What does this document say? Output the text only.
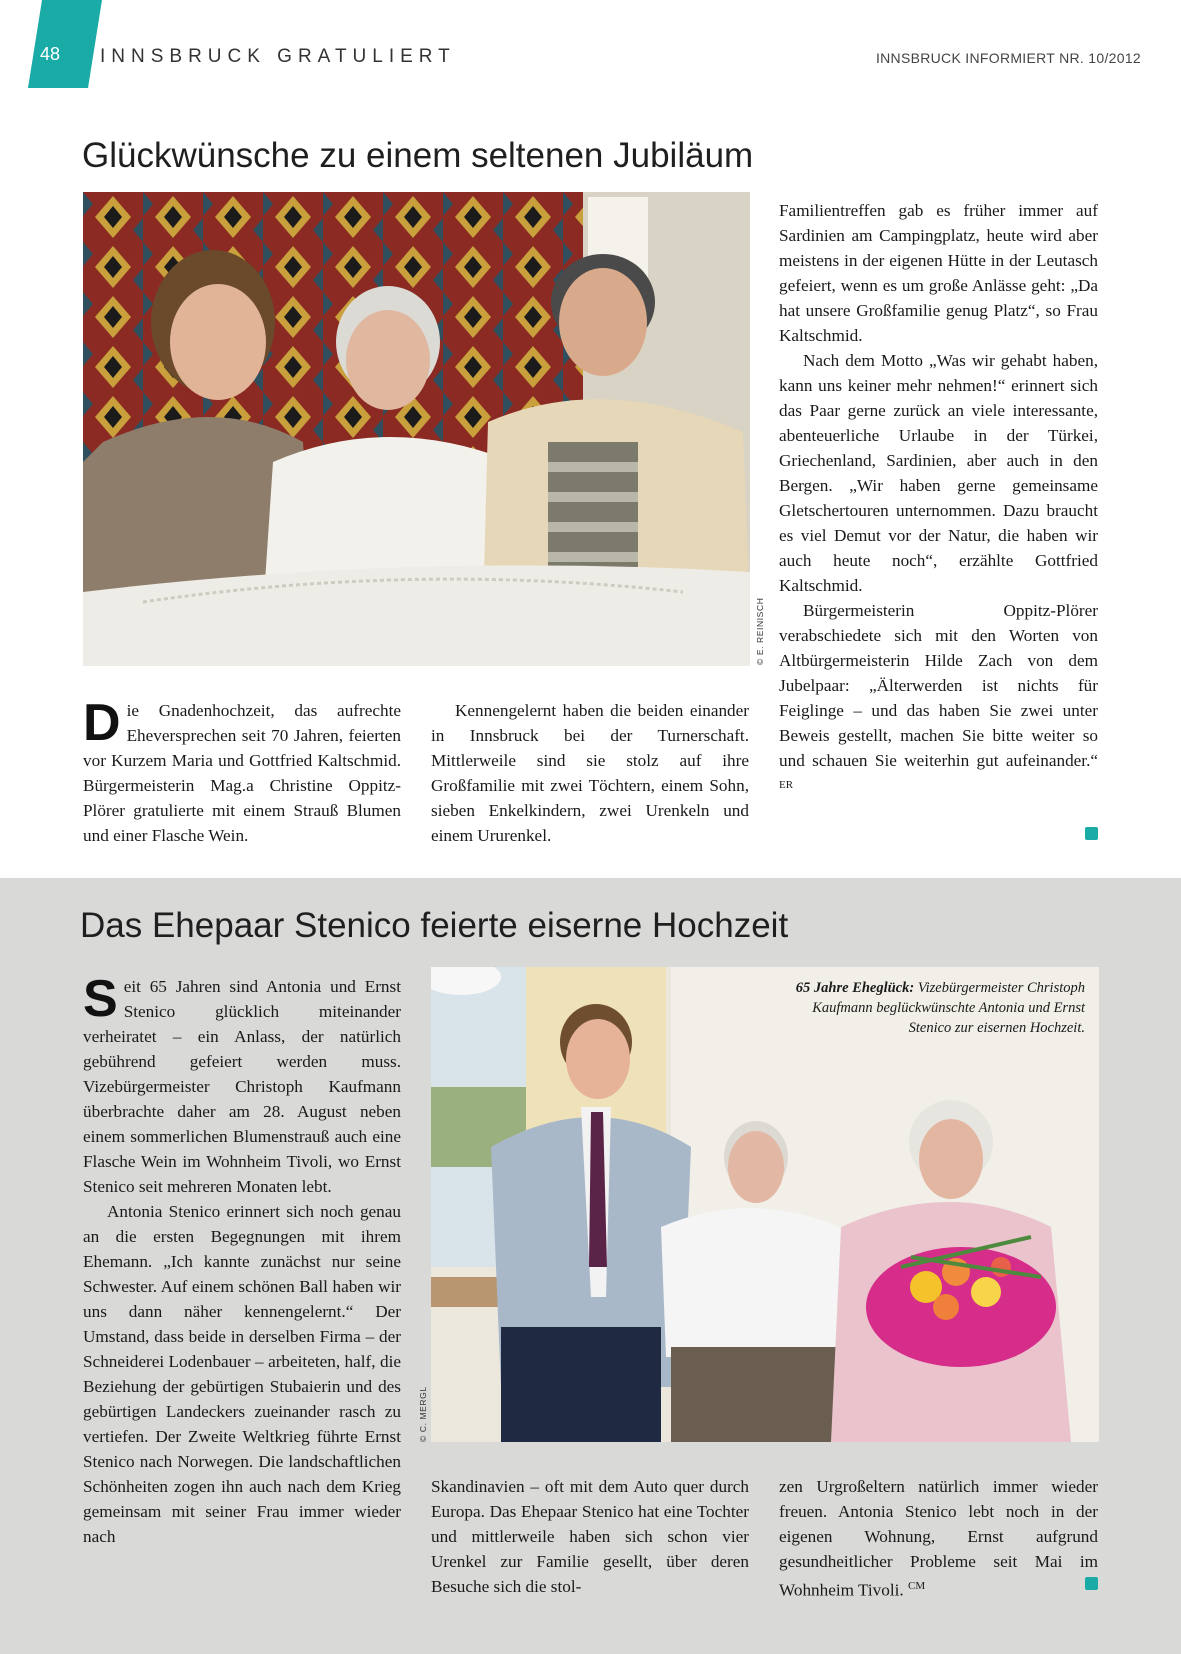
48 INNSBRUCK GRATULIERT	INNSBRUCK INFORMIERT NR. 10/2012
Glückwünsche zu einem seltenen Jubiläum
© E. REINISCH

Die Gnadenhochzeit, das aufrechte Eheversprechen seit 70 Jahren, feierten vor Kurzem Maria und Gottfried Kaltschmid. Bürgermeisterin Mag.a Christine Oppitz-Plörer gratulierte mit einem Strauß Blumen und einer Flasche Wein.

Kennengelernt haben die beiden einander in Innsbruck bei der Turnerschaft. Mittlerweile sind sie stolz auf ihre Großfamilie mit zwei Töchtern, einem Sohn, sieben Enkelkindern, zwei Urenkeln und einem Ururenkel.

Familientreffen gab es früher immer auf Sardinien am Campingplatz, heute wird aber meistens in der eigenen Hütte in der Leutasch gefeiert, wenn es um große Anlässe geht: „Da hat unsere Großfamilie genug Platz“, so Frau Kaltschmid.

Nach dem Motto „Was wir gehabt haben, kann uns keiner mehr nehmen!“ erinnert sich das Paar gerne zurück an viele interessante, abenteuerliche Urlaube in der Türkei, Griechenland, Sardinien, aber auch in den Bergen. „Wir haben gerne gemeinsame Gletschertouren unternommen. Dazu braucht es viel Demut vor der Natur, die haben wir auch heute noch“, erzählte Gottfried Kaltschmid.

Bürgermeisterin Oppitz-Plörer verabschiedete sich mit den Worten von Altbürgermeisterin Hilde Zach von dem Jubelpaar: „Älterwerden ist nichts für Feiglinge – und das haben Sie zwei unter Beweis gestellt, machen Sie bitte weiter so und schauen Sie weiterhin gut aufeinander.“ $^{ER}$

Das Ehepaar Stenico feierte eiserne Hochzeit
65 Jahre Eheglück: Vizebürgermeister Christoph Kaufmann beglückwünschte Antonia und Ernst Stenico zur eisernen Hochzeit.
© C. MERGL

Seit 65 Jahren sind Antonia und Ernst Stenico glücklich miteinander verheiratet – ein Anlass, der natürlich gebührend gefeiert werden muss. Vizebürgermeister Christoph Kaufmann überbrachte daher am 28. August neben einem sommerlichen Blumenstrauß auch eine Flasche Wein im Wohnheim Tivoli, wo Ernst Stenico seit mehreren Monaten lebt.

Antonia Stenico erinnert sich noch genau an die ersten Begegnungen mit ihrem Ehemann. „Ich kannte zunächst nur seine Schwester. Auf einem schönen Ball haben wir uns dann näher kennengelernt.“ Der Umstand, dass beide in derselben Firma – der Schneiderei Lodenbauer – arbeiteten, half, die Beziehung der gebürtigen Stubaierin und des gebürtigen Landeckers zueinander rasch zu vertiefen. Der Zweite Weltkrieg führte Ernst Stenico nach Norwegen. Die landschaftlichen Schönheiten zogen ihn auch nach dem Krieg gemeinsam mit seiner Frau immer wieder nach

Skandinavien – oft mit dem Auto quer durch Europa. Das Ehepaar Stenico hat eine Tochter und mittlerweile haben sich schon vier Urenkel zur Familie gesellt, über deren Besuche sich die stol-

zen Urgroßeltern natürlich immer wieder freuen. Antonia Stenico lebt noch in der eigenen Wohnung, Ernst aufgrund gesundheitlicher Probleme seit Mai im Wohnheim Tivoli. $^{CM}$
